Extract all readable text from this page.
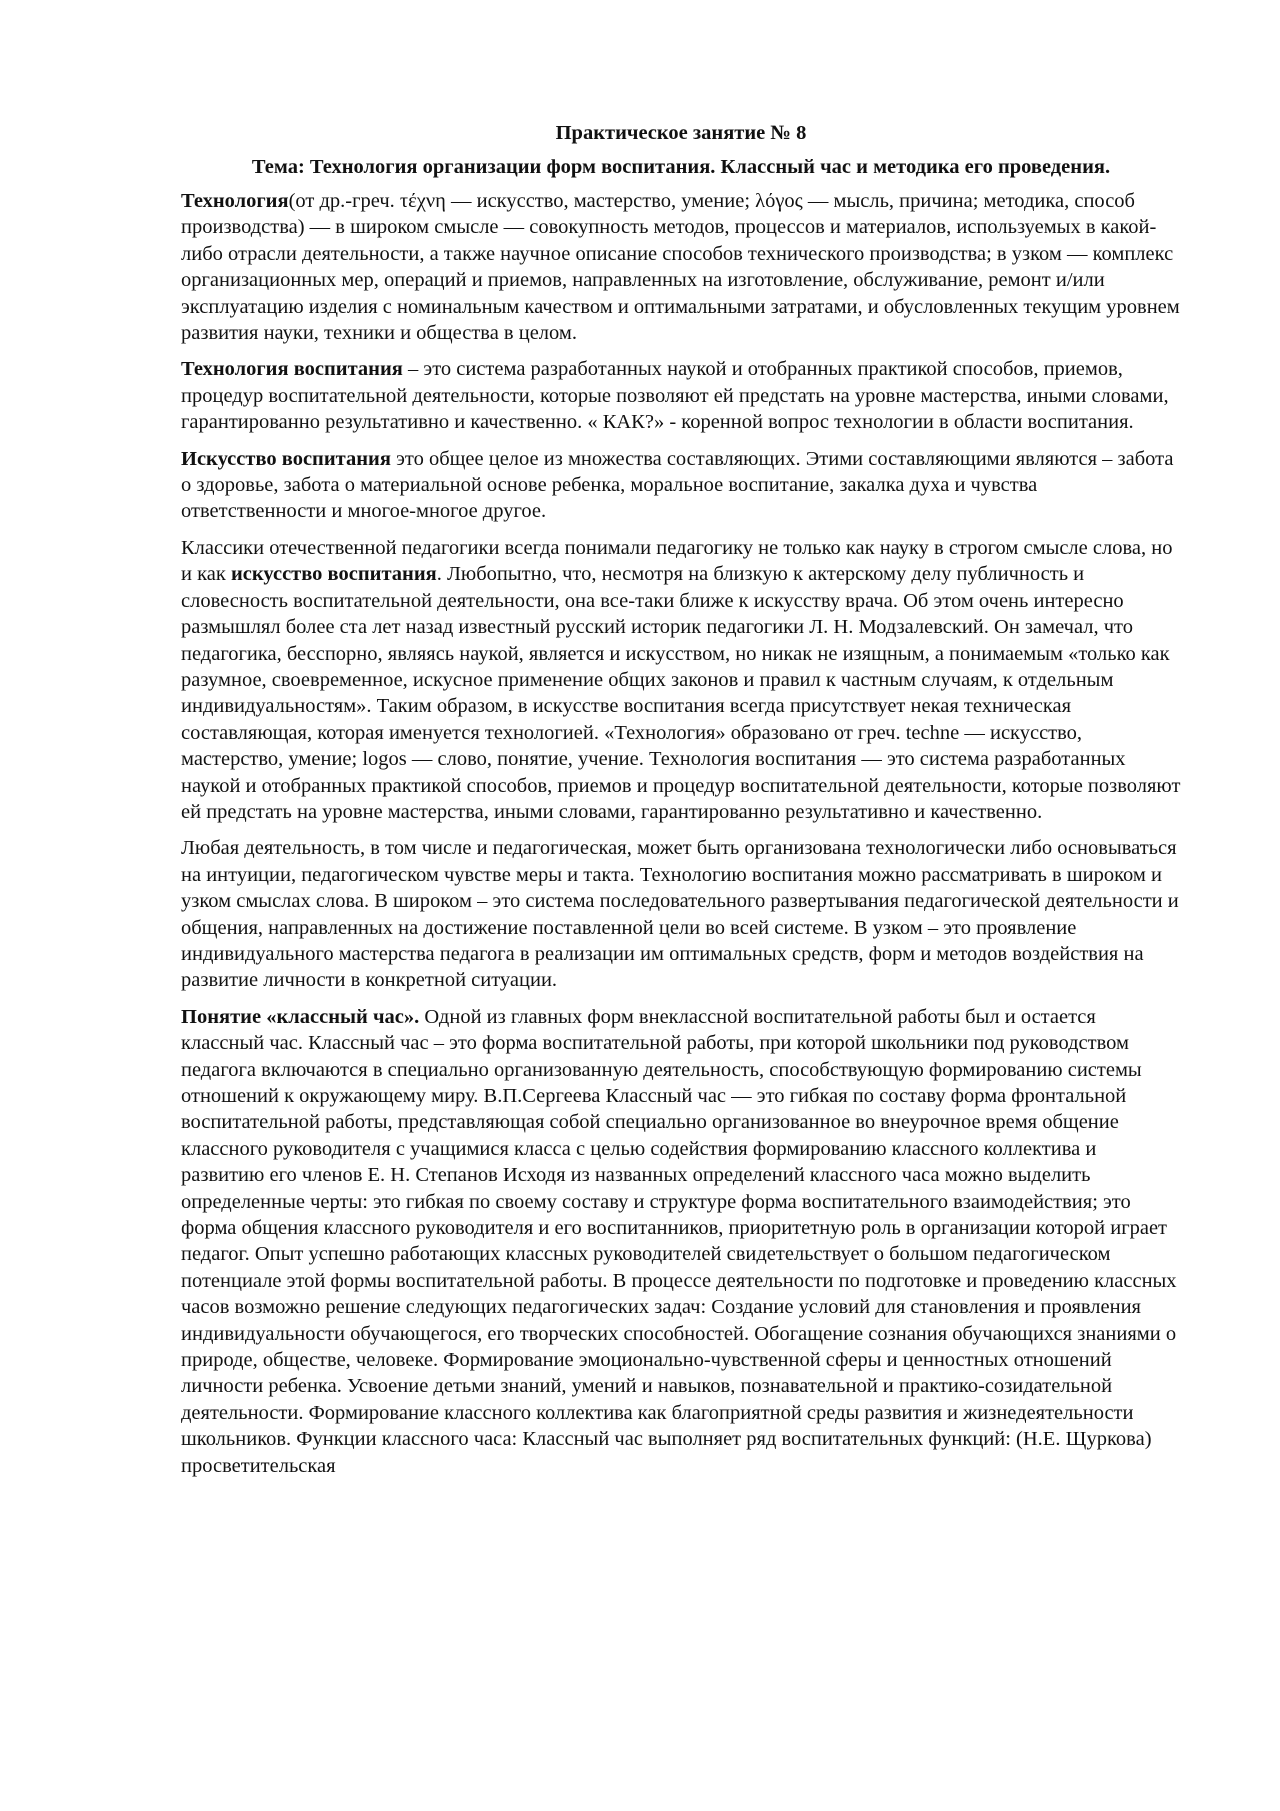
Практическое занятие № 8
Тема: Технология организации форм воспитания. Классный час и методика его проведения.

Технология(от др.-греч. τέχνη — искусство, мастерство, умение; λόγος — мысль, причина; методика, способ производства) — в широком смысле — совокупность методов, процессов и материалов, используемых в какой-либо отрасли деятельности, а также научное описание способов технического производства; в узком — комплекс организационных мер, операций и приемов, направленных на изготовление, обслуживание, ремонт и/или эксплуатацию изделия с номинальным качеством и оптимальными затратами, и обусловленных текущим уровнем развития науки, техники и общества в целом.

Технология воспитания – это система разработанных наукой и отобранных практикой способов, приемов, процедур воспитательной деятельности, которые позволяют ей предстать на уровне мастерства, иными словами, гарантированно результативно и качественно. « КАК?» - коренной вопрос технологии в области воспитания.

Искусство воспитания это общее целое из множества составляющих. Этими составляющими являются – забота о здоровье, забота о материальной основе ребенка, моральное воспитание, закалка духа и чувства ответственности и многое-многое другое.

Классики отечественной педагогики всегда понимали педагогику не только как науку в строгом смысле слова, но и как искусство воспитания. Любопытно, что, несмотря на близкую к актерскому делу публичность и словесность воспитательной деятельности, она все-таки ближе к искусству врача. Об этом очень интересно размышлял более ста лет назад известный русский историк педагогики Л. Н. Модзалевский. Он замечал, что педагогика, бесспорно, являясь наукой, является и искусством, но никак не изящным, а понимаемым «только как разумное, своевременное, искусное применение общих законов и правил к частным случаям, к отдельным индивидуальностям». Таким образом, в искусстве воспитания всегда присутствует некая техническая составляющая, которая именуется технологией. «Технология» образовано от греч. techne — искусство, мастерство, умение; logos — слово, понятие, учение. Технология воспитания — это система разработанных наукой и отобранных практикой способов, приемов и процедур воспитательной деятельности, которые позволяют ей предстать на уровне мастерства, иными словами, гарантированно результативно и качественно.

Любая деятельность, в том числе и педагогическая, может быть организована технологически либо основываться на интуиции, педагогическом чувстве меры и такта. Технологию воспитания можно рассматривать в широком и узком смыслах слова. В широком – это система последовательного развертывания педагогической деятельности и общения, направленных на достижение поставленной цели во всей системе. В узком – это проявление индивидуального мастерства педагога в реализации им оптимальных средств, форм и методов воздействия на развитие личности в конкретной ситуации.

Понятие «классный час». Одной из главных форм внеклассной воспитательной работы был и остается классный час. Классный час – это форма воспитательной работы, при которой школьники под руководством педагога включаются в специально организованную деятельность, способствующую формированию системы отношений к окружающему миру. В.П.Сергеева Классный час — это гибкая по составу форма фронтальной воспитательной работы, представляющая собой специально организованное во внеурочное время общение классного руководителя с учащимися класса с целью содействия формированию классного коллектива и развитию его членов Е. Н. Степанов Исходя из названных определений классного часа можно выделить определенные черты: это гибкая по своему составу и структуре форма воспитательного взаимодействия; это форма общения классного руководителя и его воспитанников, приоритетную роль в организации которой играет педагог. Опыт успешно работающих классных руководителей свидетельствует о большом педагогическом потенциале этой формы воспитательной работы. В процессе деятельности по подготовке и проведению классных часов возможно решение следующих педагогических задач: Создание условий для становления и проявления индивидуальности обучающегося, его творческих способностей. Обогащение сознания обучающихся знаниями о природе, обществе, человеке. Формирование эмоционально-чувственной сферы и ценностных отношений личности ребенка. Усвоение детьми знаний, умений и навыков, познавательной и практико-созидательной деятельности. Формирование классного коллектива как благоприятной среды развития и жизнедеятельности школьников. Функции классного часа: Классный час выполняет ряд воспитательных функций: (Н.Е. Щуркова) просветительская
